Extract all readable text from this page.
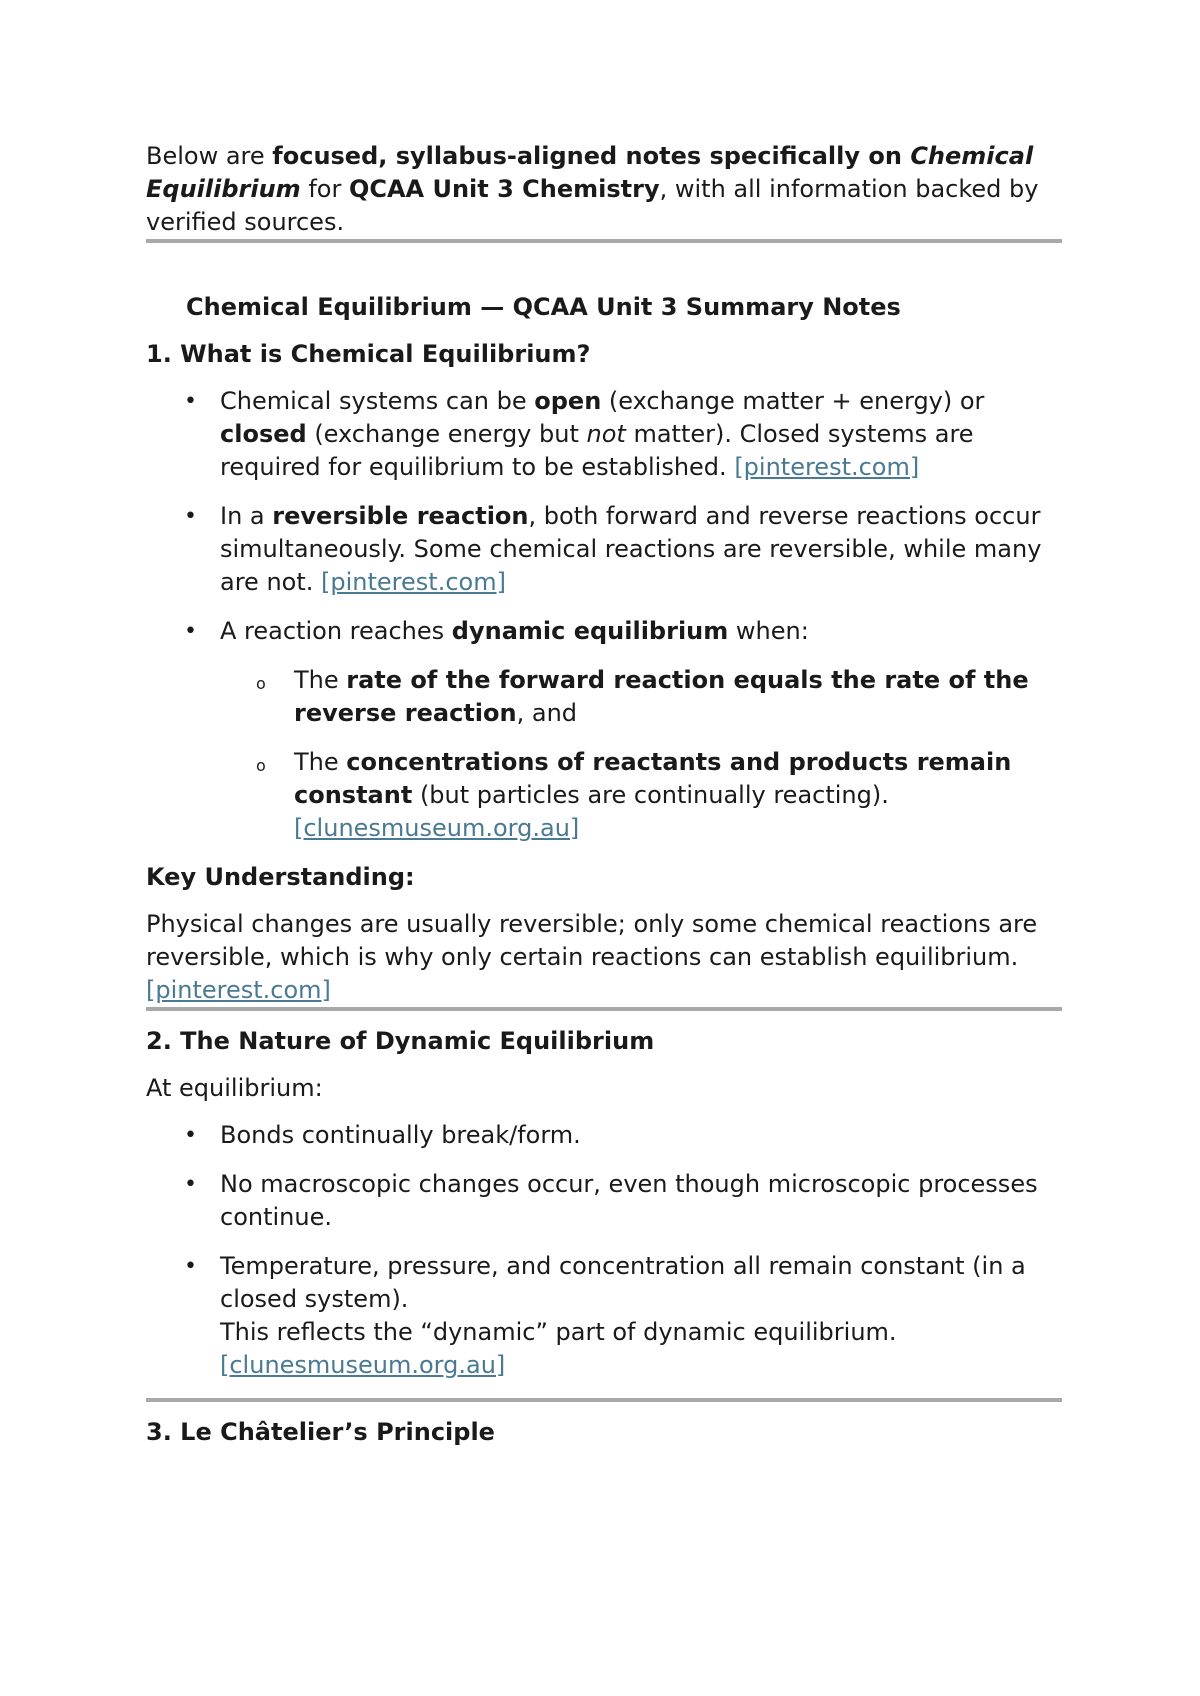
Below are focused, syllabus-aligned notes specifically on Chemical Equilibrium for QCAA Unit 3 Chemistry, with all information backed by verified sources.

Chemical Equilibrium — QCAA Unit 3 Summary Notes
1. What is Chemical Equilibrium?
• Chemical systems can be open (exchange matter + energy) or closed (exchange energy but not matter). Closed systems are required for equilibrium to be established. [pinterest.com]
• In a reversible reaction, both forward and reverse reactions occur simultaneously. Some chemical reactions are reversible, while many are not. [pinterest.com]
• A reaction reaches dynamic equilibrium when:
o The rate of the forward reaction equals the rate of the reverse reaction, and
o The concentrations of reactants and products remain constant (but particles are continually reacting). [clunesmuseum.org.au]

Key Understanding:

Physical changes are usually reversible; only some chemical reactions are reversible, which is why only certain reactions can establish equilibrium. [pinterest.com]

2. The Nature of Dynamic Equilibrium

At equilibrium:

• Bonds continually break/form.
• No macroscopic changes occur, even though microscopic processes continue.
• Temperature, pressure, and concentration all remain constant (in a closed system).
This reflects the “dynamic” part of dynamic equilibrium.
[clunesmuseum.org.au]
3. Le Châtelier’s Principle
